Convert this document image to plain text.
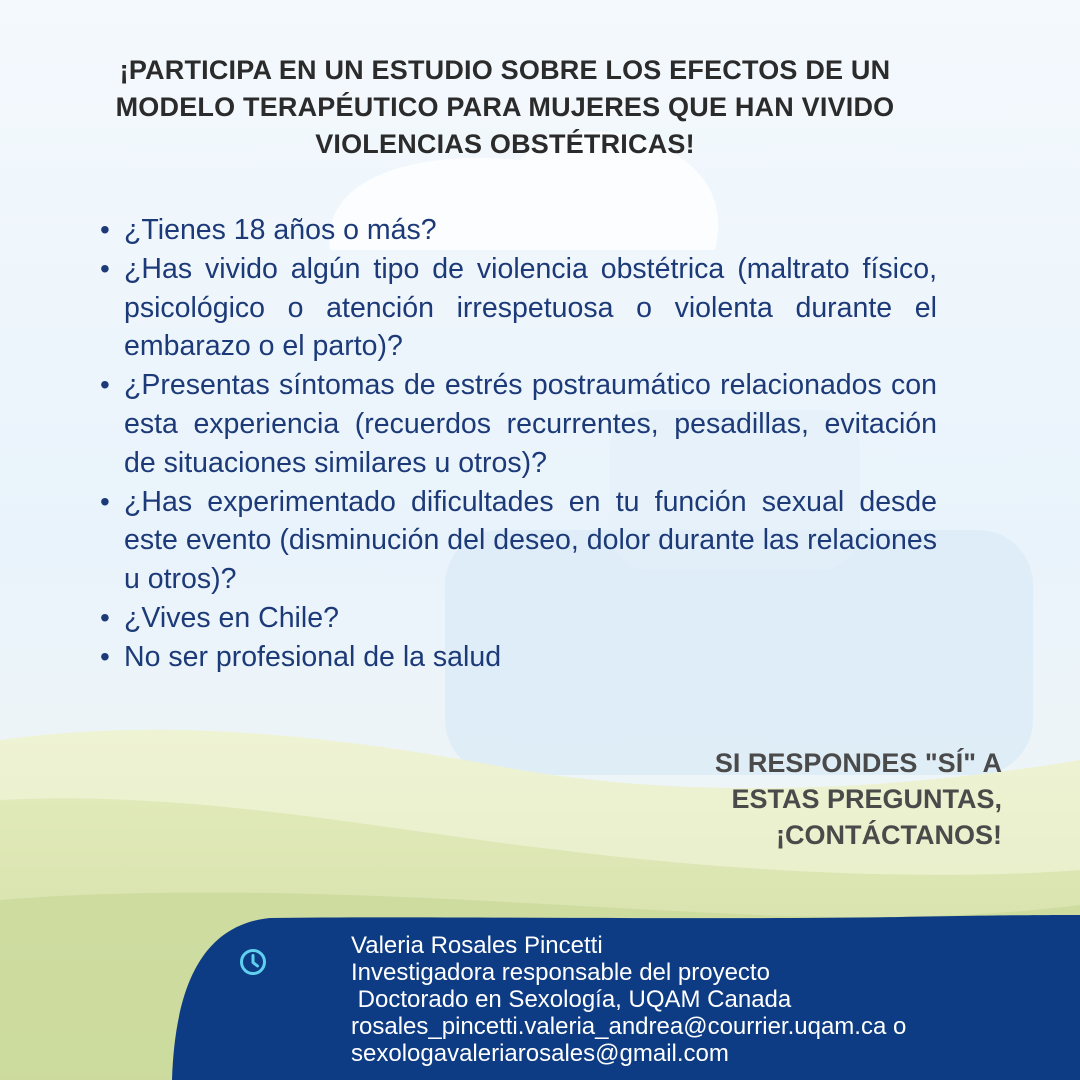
¡PARTICIPA EN UN ESTUDIO SOBRE LOS EFECTOS DE UN
MODELO TERAPÉUTICO PARA MUJERES QUE HAN VIVIDO
VIOLENCIAS OBSTÉTRICAS!
• ¿Tienes 18 años o más?
• ¿Has vivido algún tipo de violencia obstétrica (maltrato físico, psicológico o atención irrespetuosa o violenta durante el embarazo o el parto)?
• ¿Presentas síntomas de estrés postraumático relacionados con esta experiencia (recuerdos recurrentes, pesadillas, evitación de situaciones similares u otros)?
• ¿Has experimentado dificultades en tu función sexual desde este evento (disminución del deseo, dolor durante las relaciones u otros)?
• ¿Vives en Chile?
• No ser profesional de la salud
SI RESPONDES "SÍ" A
ESTAS PREGUNTAS,
¡CONTÁCTANOS!
Valeria Rosales Pincetti
Investigadora responsable del proyecto
Doctorado en Sexología, UQAM Canada
rosales_pincetti.valeria_andrea@courrier.uqam.ca o
sexologavaleriarosales@gmail.com
